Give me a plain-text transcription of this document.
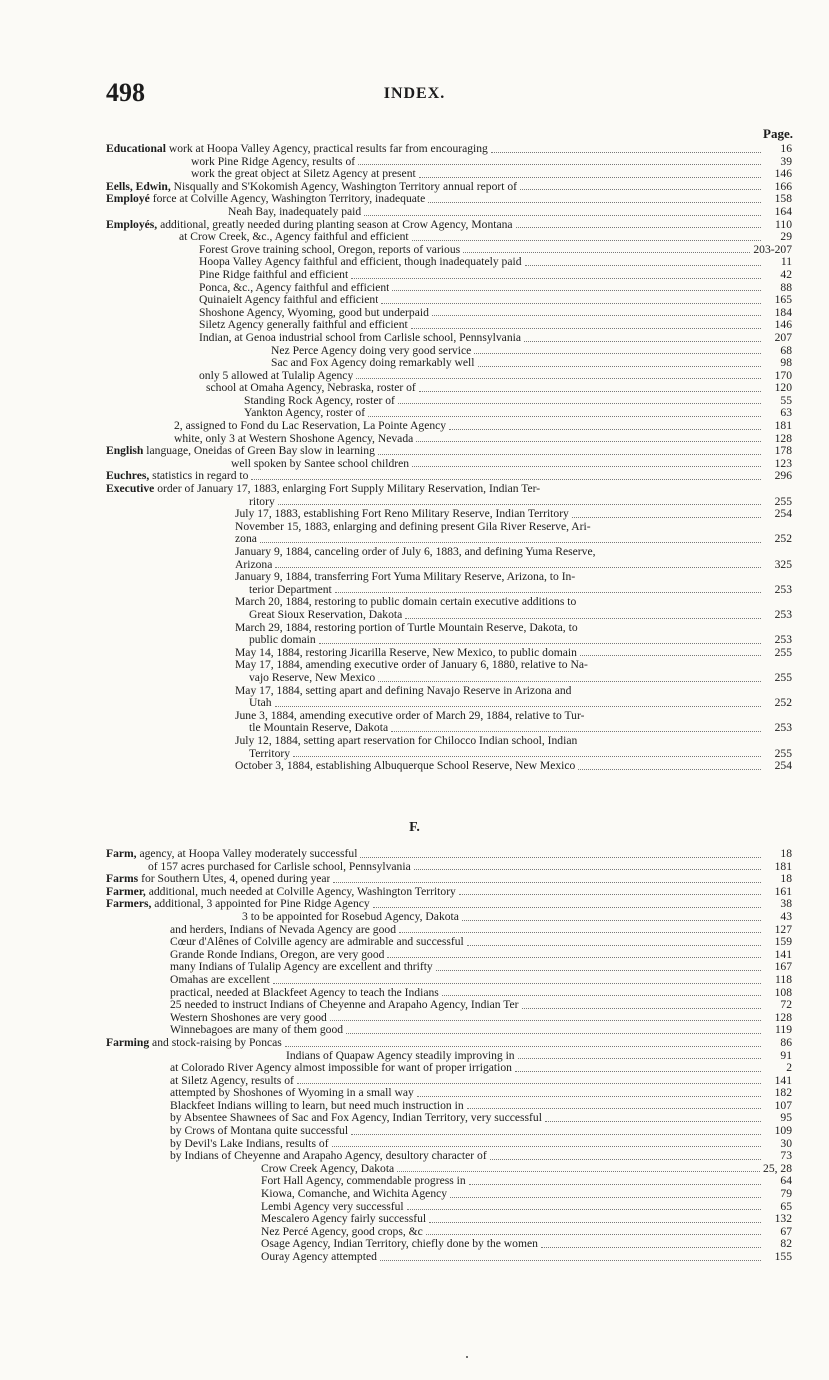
498	INDEX.
Page.
Educational work at Hoopa Valley Agency, practical results far from encouraging	16
work Pine Ridge Agency, results of	39
work the great object at Siletz Agency at present	146
Eells, Edwin, Nisqually and S'Kokomish Agency, Washington Territory annual report of	166
Employé force at Colville Agency, Washington Territory, inadequate	158
Neah Bay, inadequately paid	164
Employés, additional, greatly needed during planting season at Crow Agency, Montana	110
at Crow Creek, &c., Agency faithful and efficient	29
Forest Grove training school, Oregon, reports of various	203-207
Hoopa Valley Agency faithful and efficient, though inadequately paid	11
Pine Ridge faithful and efficient	42
Ponca, &c., Agency faithful and efficient	88
Quinaielt Agency faithful and efficient	165
Shoshone Agency, Wyoming, good but underpaid	184
Siletz Agency generally faithful and efficient	146
Indian, at Genoa industrial school from Carlisle school, Pennsylvania	207
Nez Perce Agency doing very good service	68
Sac and Fox Agency doing remarkably well	98
only 5 allowed at Tulalip Agency	170
school at Omaha Agency, Nebraska, roster of	120
Standing Rock Agency, roster of	55
Yankton Agency, roster of	63
2, assigned to Fond du Lac Reservation, La Pointe Agency	181
white, only 3 at Western Shoshone Agency, Nevada	128
English language, Oneidas of Green Bay slow in learning	178
well spoken by Santee school children	123
Euchres, statistics in regard to	296
Executive order of January 17, 1883, enlarging Fort Supply Military Reservation, Indian Ter-
ritory	255
July 17, 1883, establishing Fort Reno Military Reserve, Indian Territory	254
November 15, 1883, enlarging and defining present Gila River Reserve, Ari-
zona	252
January 9, 1884, canceling order of July 6, 1883, and defining Yuma Reserve,
Arizona	325
January 9, 1884, transferring Fort Yuma Military Reserve, Arizona, to In-
terior Department	253
March 20, 1884, restoring to public domain certain executive additions to
Great Sioux Reservation, Dakota	253
March 29, 1884, restoring portion of Turtle Mountain Reserve, Dakota, to
public domain	253
May 14, 1884, restoring Jicarilla Reserve, New Mexico, to public domain	255
May 17, 1884, amending executive order of January 6, 1880, relative to Na-
vajo Reserve, New Mexico	255
May 17, 1884, setting apart and defining Navajo Reserve in Arizona and
Utah	252
June 3, 1884, amending executive order of March 29, 1884, relative to Tur-
tle Mountain Reserve, Dakota	253
July 12, 1884, setting apart reservation for Chilocco Indian school, Indian
Territory	255
October 3, 1884, establishing Albuquerque School Reserve, New Mexico	254
F.
Farm, agency, at Hoopa Valley moderately successful	18
of 157 acres purchased for Carlisle school, Pennsylvania	181
Farms for Southern Utes, 4, opened during year	18
Farmer, additional, much needed at Colville Agency, Washington Territory	161
Farmers, additional, 3 appointed for Pine Ridge Agency	38
3 to be appointed for Rosebud Agency, Dakota	43
and herders, Indians of Nevada Agency are good	127
Cœur d'Alênes of Colville agency are admirable and successful	159
Grande Ronde Indians, Oregon, are very good	141
many Indians of Tulalip Agency are excellent and thrifty	167
Omahas are excellent	118
practical, needed at Blackfeet Agency to teach the Indians	108
25 needed to instruct Indians of Cheyenne and Arapaho Agency, Indian Ter	72
Western Shoshones are very good	128
Winnebagoes are many of them good	119
Farming and stock-raising by Poncas	86
Indians of Quapaw Agency steadily improving in	91
at Colorado River Agency almost impossible for want of proper irrigation	2
at Siletz Agency, results of	141
attempted by Shoshones of Wyoming in a small way	182
Blackfeet Indians willing to learn, but need much instruction in	107
by Absentee Shawnees of Sac and Fox Agency, Indian Territory, very successful	95
by Crows of Montana quite successful	109
by Devil's Lake Indians, results of	30
by Indians of Cheyenne and Arapaho Agency, desultory character of	73
Crow Creek Agency, Dakota	25, 28
Fort Hall Agency, commendable progress in	64
Kiowa, Comanche, and Wichita Agency	79
Lembi Agency very successful	65
Mescalero Agency fairly successful	132
Nez Percé Agency, good crops, &c	67
Osage Agency, Indian Territory, chiefly done by the women	82
Ouray Agency attempted	155
